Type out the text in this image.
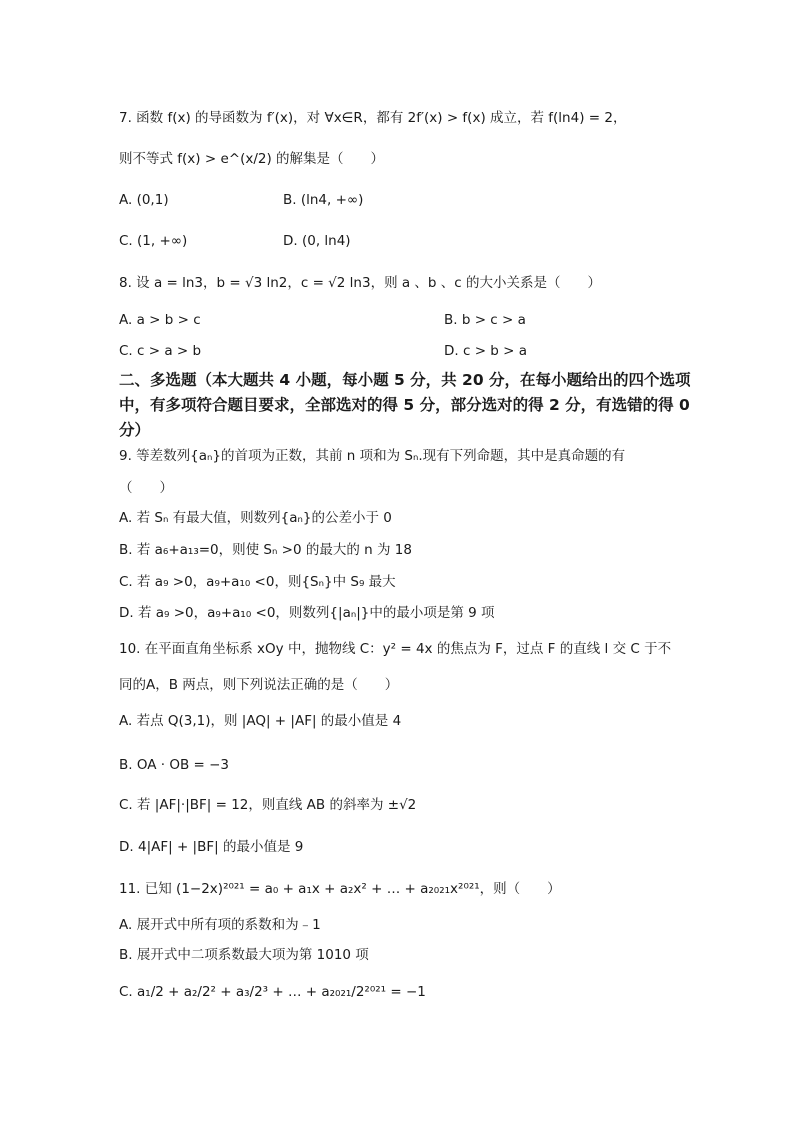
7. 函数 f(x) 的导函数为 f′(x)，对 ∀x∈R，都有 2f′(x) > f(x) 成立，若 f(ln4) = 2，
则不等式 f(x) > e^(x/2) 的解集是（　　）
A. (0,1)	B. (ln4, +∞)
C. (1, +∞)	D. (0, ln4)
8. 设 a = ln3，b = √3 ln2，c = √2 ln3，则 a 、b 、c 的大小关系是（　　）
A. a > b > c	B. b > c > a
C. c > a > b	D. c > b > a
二、多选题（本大题共 4 小题，每小题 5 分，共 20 分，在每小题给出的四个选项中，有多项符合题目要求，全部选对的得 5 分，部分选对的得 2 分，有选错的得 0 分）
9. 等差数列{aₙ}的首项为正数，其前 n 项和为 Sₙ.现有下列命题，其中是真命题的有
（　　）
A. 若 Sₙ 有最大值，则数列{aₙ}的公差小于 0
B. 若 a₆+a₁₃=0，则使 Sₙ >0 的最大的 n 为 18
C. 若 a₉ >0，a₉+a₁₀ <0，则{Sₙ}中 S₉ 最大
D. 若 a₉ >0，a₉+a₁₀ <0，则数列{|aₙ|}中的最小项是第 9 项
10. 在平面直角坐标系 xOy 中，抛物线 C：y² = 4x 的焦点为 F，过点 F 的直线 l 交 C 于不
同的A，B 两点，则下列说法正确的是（　　）
A. 若点 Q(3,1)，则 |AQ| + |AF| 的最小值是 4
B. OA · OB = −3
C. 若 |AF|·|BF| = 12，则直线 AB 的斜率为 ±√2
D. 4|AF| + |BF| 的最小值是 9
11. 已知 (1−2x)²⁰²¹ = a₀ + a₁x + a₂x² + … + a₂₀₂₁x²⁰²¹，则（　　）
A. 展开式中所有项的系数和为﹣1
B. 展开式中二项系数最大项为第 1010 项
C. a₁/2 + a₂/2² + a₃/2³ + … + a₂₀₂₁/2²⁰²¹ = −1
